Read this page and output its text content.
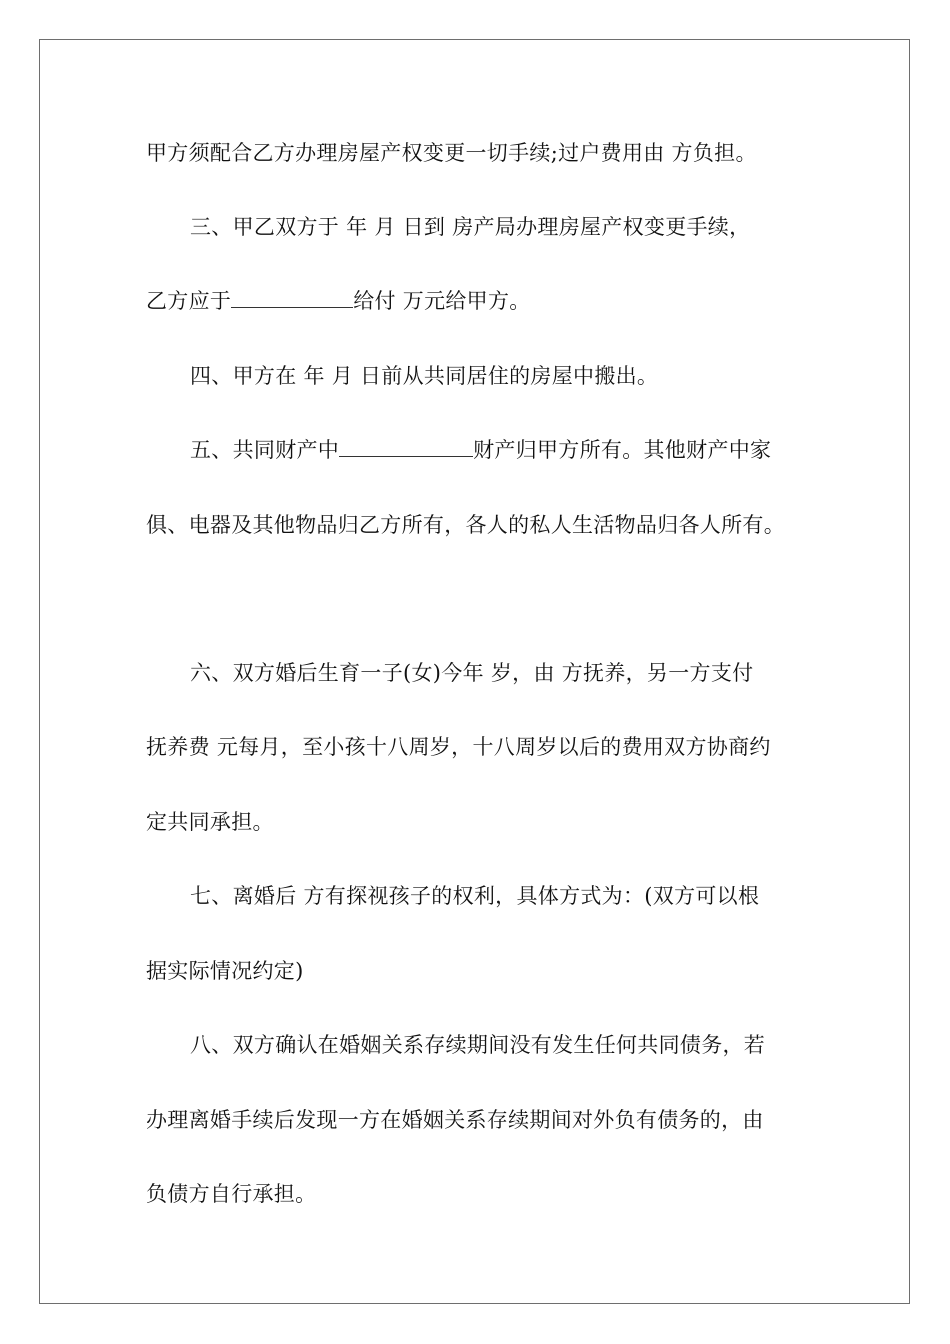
甲方须配合乙方办理房屋产权变更一切手续;过户费用由 方负担。
三、甲乙双方于 年 月 日到 房产局办理房屋产权变更手续，
乙方应于	给付 万元给甲方。
四、甲方在 年 月 日前从共同居住的房屋中搬出。
五、共同财产中	财产归甲方所有。其他财产中家
俱、电器及其他物品归乙方所有，各人的私人生活物品归各人所有。
六、双方婚后生育一子(女)今年 岁，由 方抚养，另一方支付
抚养费 元每月，至小孩十八周岁，十八周岁以后的费用双方协商约
定共同承担。
七、离婚后 方有探视孩子的权利，具体方式为：(双方可以根
据实际情况约定)
八、双方确认在婚姻关系存续期间没有发生任何共同债务，若
办理离婚手续后发现一方在婚姻关系存续期间对外负有债务的，由
负债方自行承担。
